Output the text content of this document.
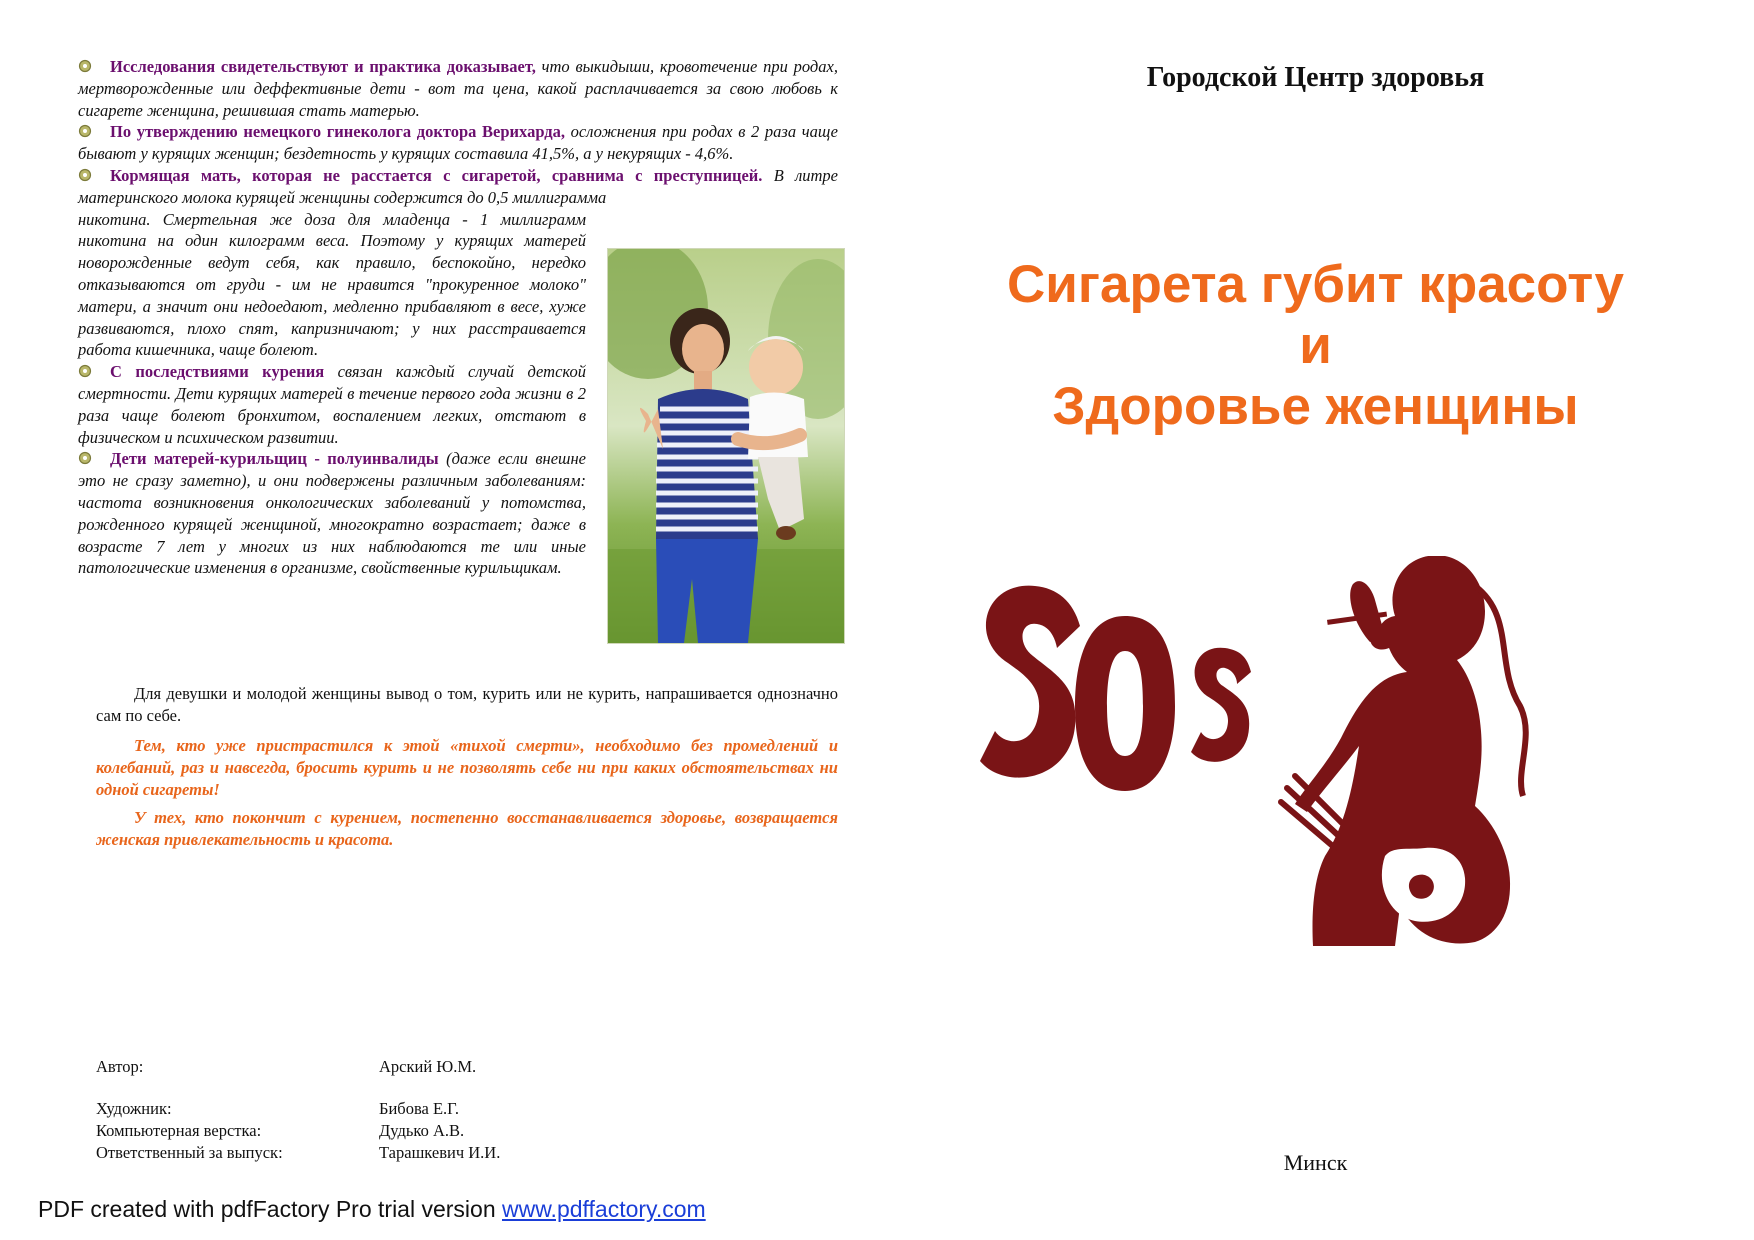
Исследования свидетельствуют и практика доказывает, что выкидыши, кровотечение при родах, мертворожденные или деффективные дети - вот та цена, какой расплачивается за свою любовь к сигарете женщина, решившая стать матерью.

По утверждению немецкого гинеколога доктора Верихарда, осложнения при родах в 2 раза чаще бывают у курящих женщин; бездетность у курящих составила 41,5%, а у некурящих - 4,6%.

Кормящая мать, которая не расстается с сигаретой, сравнима с преступницей. В литре материнского молока курящей женщины содержится до 0,5 миллиграмма

никотина. Смертельная же доза для младенца - 1 миллиграмм никотина на один килограмм веса. Поэтому у курящих матерей новорожденные ведут себя, как правило, беспокойно, нередко отказываются от груди - им не нравится "прокуренное молоко" матери, а значит они недоедают, медленно прибавляют в весе, хуже развиваются, плохо спят, капризничают; у них расстраивается работа кишечника, чаще болеют.

С последствиями курения связан каждый случай детской смертности. Дети курящих матерей в течение первого года жизни в 2 раза чаще болеют бронхитом, воспалением легких, отстают в физическом и психическом развитии.

Дети матерей-курильщиц - полуинвалиды (даже если внешне это не сразу заметно), и они подвержены различным заболеваниям: частота возникновения онкологических заболеваний у потомства, рожденного курящей женщиной, многократно возрастает; даже в возрасте 7 лет у многих из них наблюдаются те или иные патологические изменения в организме, свойственные курильщикам.

Для девушки и молодой женщины вывод о том, курить или не курить, напрашивается однозначно сам по себе.

Тем, кто уже пристрастился к этой «тихой смерти», необходимо без промедлений и колебаний, раз и навсегда, бросить курить и не позволять себе ни при каких обстоятельствах ни одной сигареты!

У тех, кто покончит с курением, постепенно восстанавливается здоровье, возвращается женская привлекательность и красота.

Автор:	Арский Ю.М.
Художник:	Бибова Е.Г.
Компьютерная верстка:	Дудько А.В.
Ответственный за выпуск:	Тарашкевич И.И.
PDF created with pdfFactory Pro trial version www.pdffactory.com
Городской Центр здоровья
Сигарета губит красоту
и
Здоровье женщины
Минск
